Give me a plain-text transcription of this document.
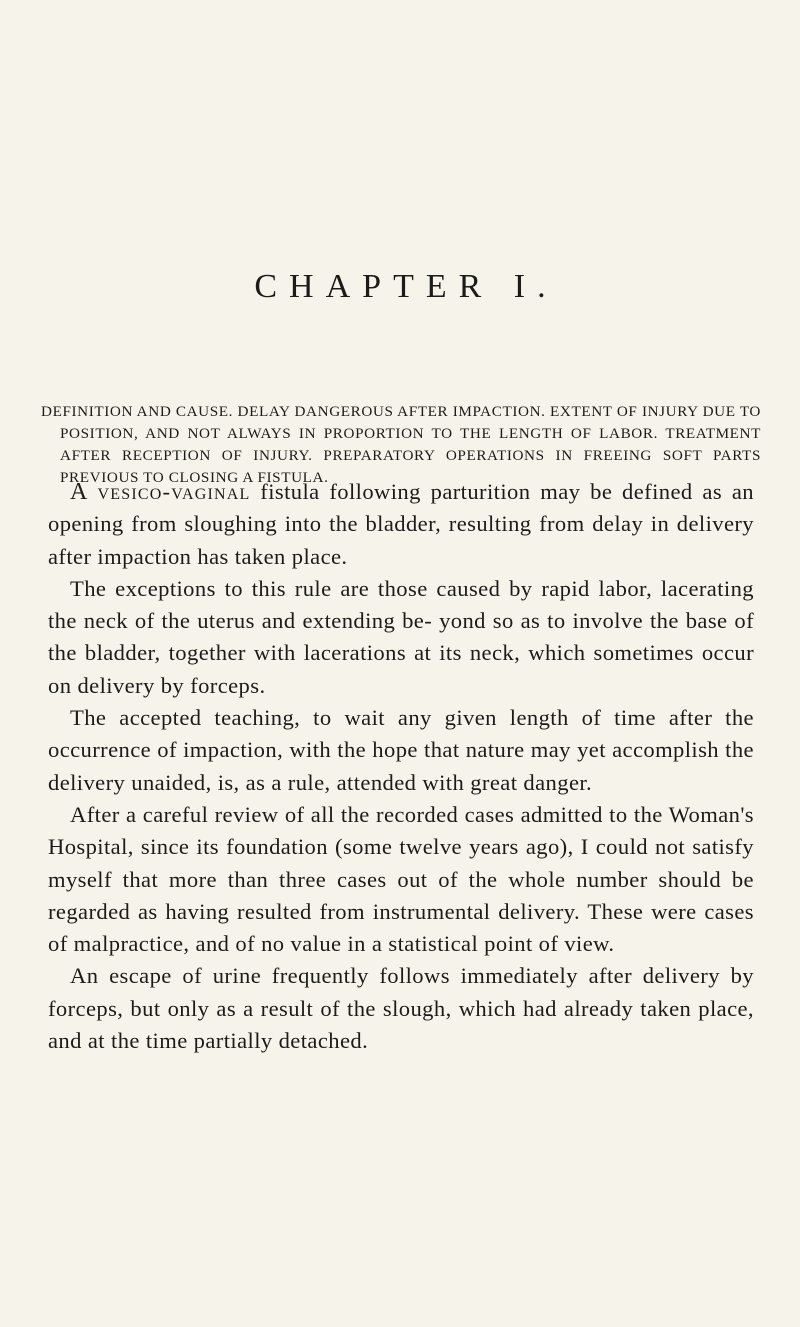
CHAPTER I.

DEFINITION AND CAUSE. DELAY DANGEROUS AFTER IMPACTION. EXTENT OF INJURY DUE TO POSITION, AND NOT ALWAYS IN PROPORTION TO THE LENGTH OF LABOR. TREATMENT AFTER RECEPTION OF INJURY. PREPARATORY OPERATIONS IN FREEING SOFT PARTS PREVIOUS TO CLOSING A FISTULA.

A vesico-vaginal fistula following parturition may be defined as an opening from sloughing into the bladder, resulting from delay in delivery after impaction has taken place.

The exceptions to this rule are those caused by rapid labor, lacerating the neck of the uterus and extending be- yond so as to involve the base of the bladder, together with lacerations at its neck, which sometimes occur on delivery by forceps.

The accepted teaching, to wait any given length of time after the occurrence of impaction, with the hope that nature may yet accomplish the delivery unaided, is, as a rule, attended with great danger.

After a careful review of all the recorded cases admitted to the Woman's Hospital, since its foundation (some twelve years ago), I could not satisfy myself that more than three cases out of the whole number should be regarded as having resulted from instrumental delivery. These were cases of malpractice, and of no value in a statistical point of view.

An escape of urine frequently follows immediately after delivery by forceps, but only as a result of the slough, which had already taken place, and at the time partially detached.
